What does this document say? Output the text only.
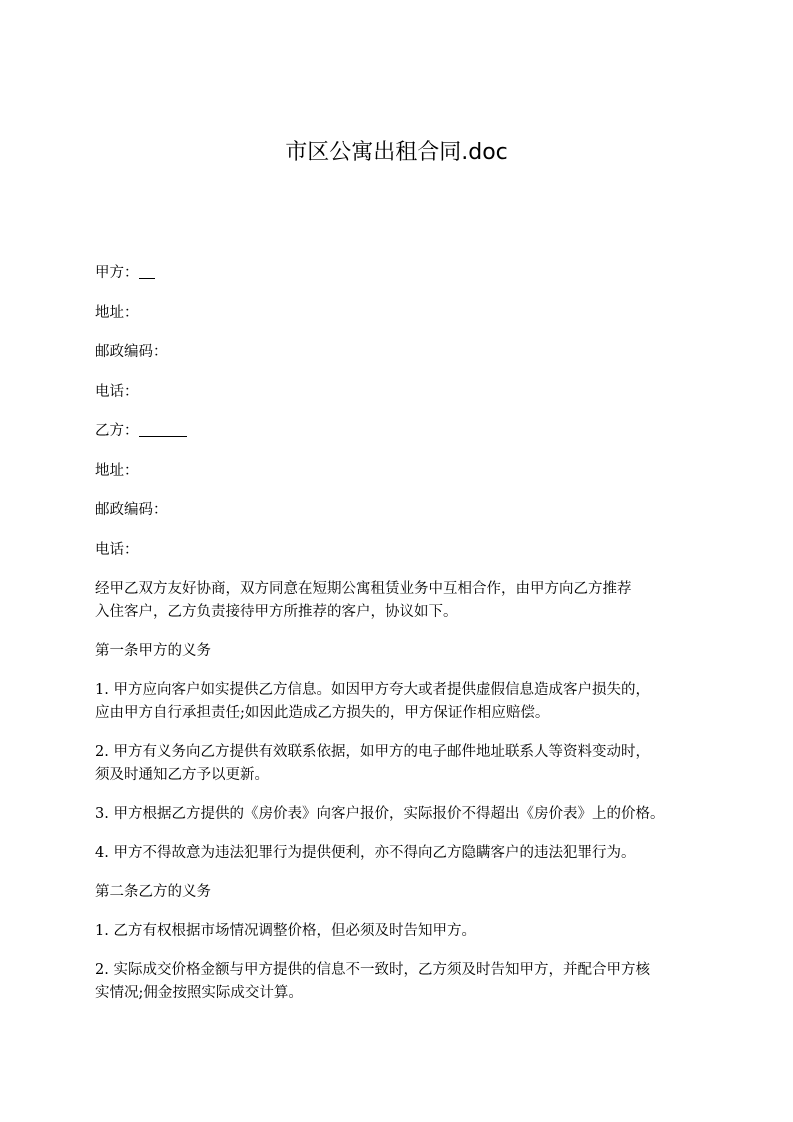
市区公寓出租合同.doc

甲方：

地址：

邮政编码：

电话：

乙方：

地址：

邮政编码：

电话：

经甲乙双方友好协商，双方同意在短期公寓租赁业务中互相合作，由甲方向乙方推荐
入住客户，乙方负责接待甲方所推荐的客户，协议如下。

第一条甲方的义务

1. 甲方应向客户如实提供乙方信息。如因甲方夸大或者提供虚假信息造成客户损失的，
应由甲方自行承担责任;如因此造成乙方损失的，甲方保证作相应赔偿。

2. 甲方有义务向乙方提供有效联系依据，如甲方的电子邮件地址联系人等资料变动时，
须及时通知乙方予以更新。

3. 甲方根据乙方提供的《房价表》向客户报价，实际报价不得超出《房价表》上的价格。

4. 甲方不得故意为违法犯罪行为提供便利，亦不得向乙方隐瞒客户的违法犯罪行为。

第二条乙方的义务

1. 乙方有权根据市场情况调整价格，但必须及时告知甲方。

2. 实际成交价格金额与甲方提供的信息不一致时，乙方须及时告知甲方，并配合甲方核
实情况;佣金按照实际成交计算。
